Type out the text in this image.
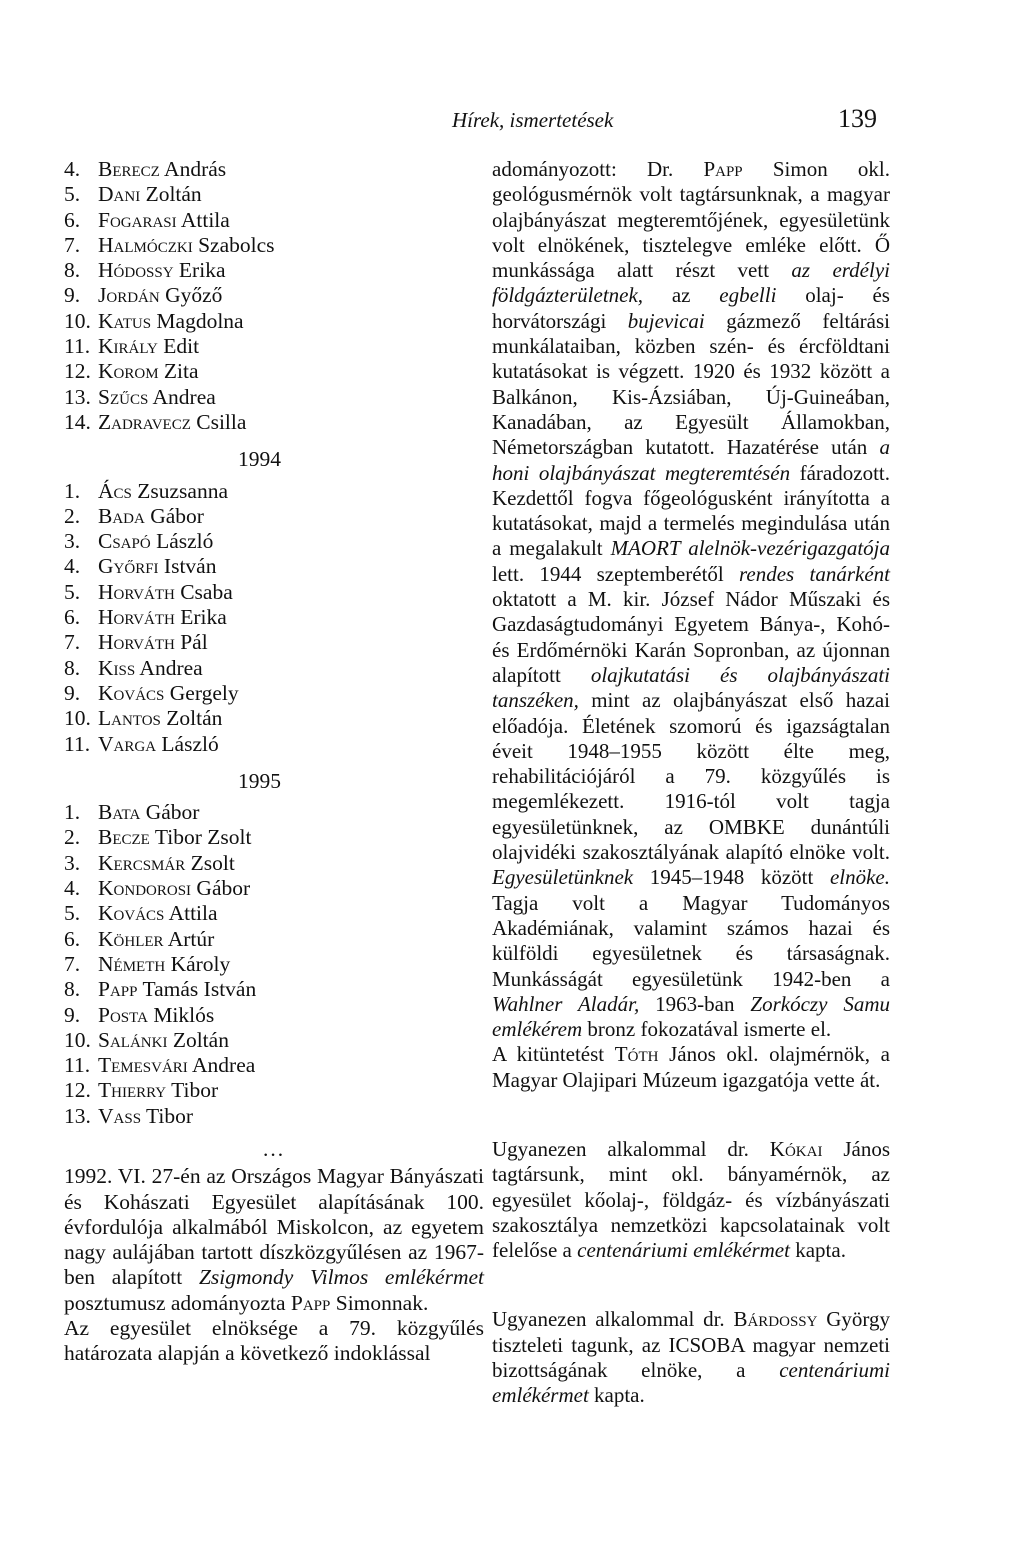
Hírek, ismertetések	139
4. Berecz András
5. Dani Zoltán
6. Fogarasi Attila
7. Halmóczki Szabolcs
8. Hódossy Erika
9. Jordán Győző
10. Katus Magdolna
11. Király Edit
12. Korom Zita
13. Szűcs Andrea
14. Zadravecz Csilla
1994
1. Ács Zsuzsanna
2. Bada Gábor
3. Csapó László
4. Győrfi István
5. Horváth Csaba
6. Horváth Erika
7. Horváth Pál
8. Kiss Andrea
9. Kovács Gergely
10. Lantos Zoltán
11. Varga László
1995
1. Bata Gábor
2. Becze Tibor Zsolt
3. Kercsmár Zsolt
4. Kondorosi Gábor
5. Kovács Attila
6. Köhler Artúr
7. Németh Károly
8. Papp Tamás István
9. Posta Miklós
10. Salánki Zoltán
11. Temesvári Andrea
12. Thierry Tibor
13. Vass Tibor
...

1992. VI. 27-én az Országos Magyar Bányászati és Kohászati Egyesület alapításának 100. évfordulója alkalmából Miskolcon, az egyetem nagy aulájában tartott díszközgyűlésen az 1967-ben alapított Zsigmondy Vilmos emlékérmet posztumusz adományozta Papp Simonnak.

Az egyesület elnöksége a 79. közgyűlés határozata alapján a következő indoklással

adományozott: Dr. Papp Simon okl. geológusmérnök volt tagtársunknak, a magyar olajbányászat megteremtőjének, egyesületünk volt elnökének, tisztelegve emléke előtt. Ő munkássága alatt részt vett az erdélyi földgázterületnek, az egbelli olaj- és horvátországi bujevicai gázmező feltárási munkálataiban, közben szén- és ércföldtani kutatásokat is végzett. 1920 és 1932 között a Balkánon, Kis-Ázsiában, Új-Guineában, Kanadában, az Egyesült Államokban, Németországban kutatott. Hazatérése után a honi olajbányászat megteremtésén fáradozott. Kezdettől fogva főgeológusként irányította a kutatásokat, majd a termelés megindulása után a megalakult MAORT alelnök-vezérigazgatója lett. 1944 szeptemberétől rendes tanárként oktatott a M. kir. József Nádor Műszaki és Gazdaságtudományi Egyetem Bánya-, Kohó- és Erdőmérnöki Karán Sopronban, az újonnan alapított olajkutatási és olajbányászati tanszéken, mint az olajbányászat első hazai előadója. Életének szomorú és igazságtalan éveit 1948–1955 között élte meg, rehabilitációjáról a 79. közgyűlés is megemlékezett. 1916-tól volt tagja egyesületünknek, az OMBKE dunántúli olajvidéki szakosztályának alapító elnöke volt. Egyesületünknek 1945–1948 között elnöke. Tagja volt a Magyar Tudományos Akadémiának, valamint számos hazai és külföldi egyesületnek és társaságnak. Munkásságát egyesületünk 1942-ben a Wahlner Aladár, 1963-ban Zorkóczy Samu emlékérem bronz fokozatával ismerte el.

A kitüntetést Tóth János okl. olajmérnök, a Magyar Olajipari Múzeum igazgatója vette át.

Ugyanezen alkalommal dr. Kókai János tagtársunk, mint okl. bányamérnök, az egyesület kőolaj-, földgáz- és vízbányászati szakosztálya nemzetközi kapcsolatainak volt felelőse a centenáriumi emlékérmet kapta.

Ugyanezen alkalommal dr. Bárdossy György tiszteleti tagunk, az ICSOBA magyar nemzeti bizottságának elnöke, a centenáriumi emlékérmet kapta.
